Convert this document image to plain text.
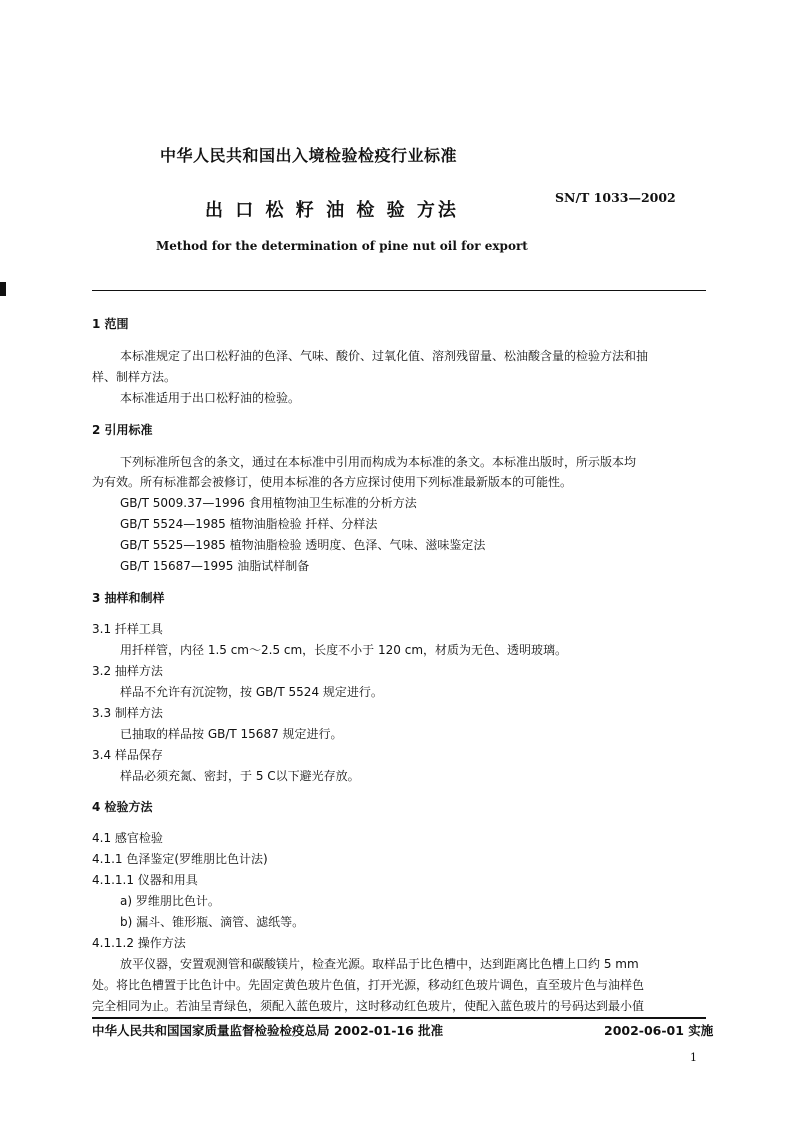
中华人民共和国出入境检验检疫行业标准
SN/T 1033—2002
出 口 松 籽 油 检 验 方法
Method for the determination of pine nut oil for export
1 范围
本标准规定了出口松籽油的色泽、气味、酸价、过氧化值、溶剂残留量、松油酸含量的检验方法和抽
样、制样方法。
本标准适用于出口松籽油的检验。
2 引用标准
下列标准所包含的条文，通过在本标准中引用而构成为本标准的条文。本标准出版时，所示版本均
为有效。所有标准都会被修订，使用本标准的各方应探讨使用下列标准最新版本的可能性。
GB/T 5009.37—1996 食用植物油卫生标准的分析方法
GB/T 5524—1985 植物油脂检验 扦样、分样法
GB/T 5525—1985 植物油脂检验 透明度、色泽、气味、滋味鉴定法
GB/T 15687—1995 油脂试样制备
3 抽样和制样
3.1 扦样工具
用扦样管，内径 1.5 cm～2.5 cm，长度不小于 120 cm，材质为无色、透明玻璃。
3.2 抽样方法
样品不允许有沉淀物，按 GB/T 5524 规定进行。
3.3 制样方法
已抽取的样品按 GB/T 15687 规定进行。
3.4 样品保存
样品必须充氮、密封，于 5 C以下避光存放。
4 检验方法
4.1 感官检验
4.1.1 色泽鉴定(罗维朋比色计法)
4.1.1.1 仪器和用具
a) 罗维朋比色计。
b) 漏斗、锥形瓶、滴管、滤纸等。
4.1.1.2 操作方法
放平仪器，安置观测管和碳酸镁片，检查光源。取样品于比色槽中，达到距离比色槽上口约 5 mm
处。将比色槽置于比色计中。先固定黄色玻片色值，打开光源，移动红色玻片调色，直至玻片色与油样色
完全相同为止。若油呈青绿色，须配入蓝色玻片，这时移动红色玻片，使配入蓝色玻片的号码达到最小值
中华人民共和国国家质量监督检验检疫总局 2002-01-16 批准	2002-06-01 实施
1
